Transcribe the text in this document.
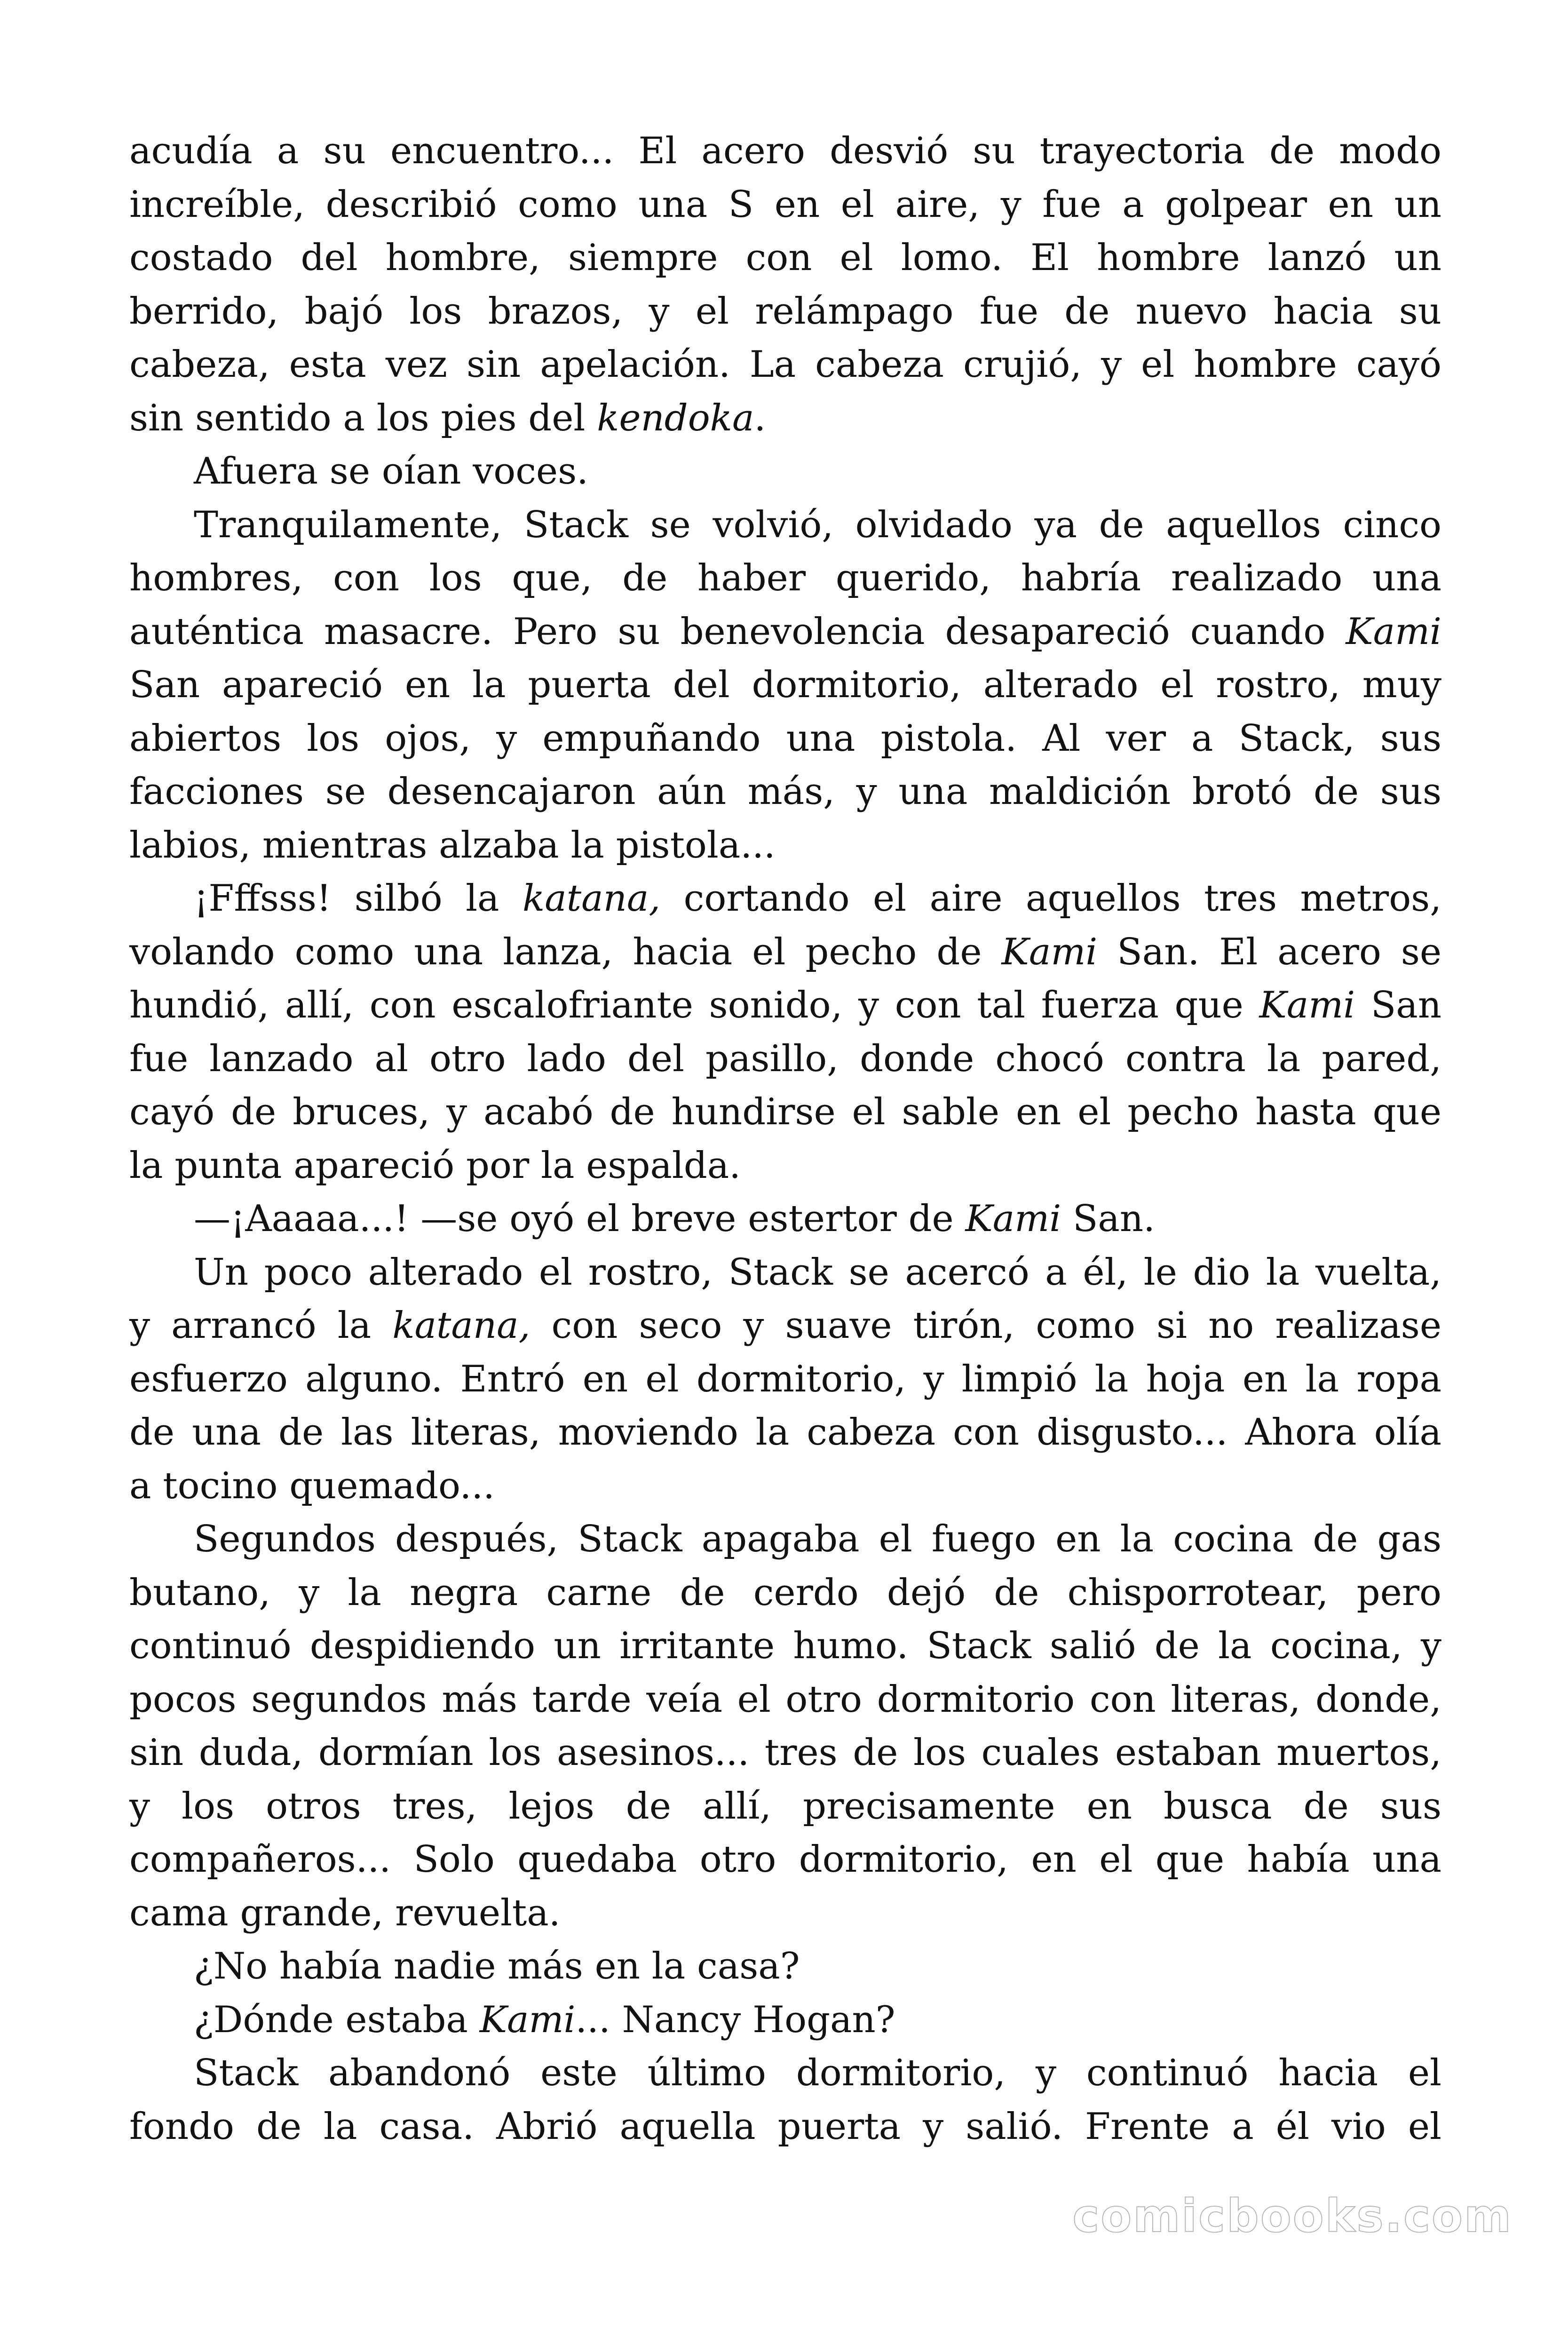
acudía a su encuentro... El acero desvió su trayectoria de modo
increíble, describió como una S en el aire, y fue a golpear en un
costado del hombre, siempre con el lomo. El hombre lanzó un
berrido, bajó los brazos, y el relámpago fue de nuevo hacia su
cabeza, esta vez sin apelación. La cabeza crujió, y el hombre cayó
sin sentido a los pies del kendoka.
Afuera se oían voces.
Tranquilamente, Stack se volvió, olvidado ya de aquellos cinco
hombres, con los que, de haber querido, habría realizado una
auténtica masacre. Pero su benevolencia desapareció cuando Kami
San apareció en la puerta del dormitorio, alterado el rostro, muy
abiertos los ojos, y empuñando una pistola. Al ver a Stack, sus
facciones se desencajaron aún más, y una maldición brotó de sus
labios, mientras alzaba la pistola...
¡Fffsss! silbó la katana, cortando el aire aquellos tres metros,
volando como una lanza, hacia el pecho de Kami San. El acero se
hundió, allí, con escalofriante sonido, y con tal fuerza que Kami San
fue lanzado al otro lado del pasillo, donde chocó contra la pared,
cayó de bruces, y acabó de hundirse el sable en el pecho hasta que
la punta apareció por la espalda.
—¡Aaaaa...! —se oyó el breve estertor de Kami San.
Un poco alterado el rostro, Stack se acercó a él, le dio la vuelta,
y arrancó la katana, con seco y suave tirón, como si no realizase
esfuerzo alguno. Entró en el dormitorio, y limpió la hoja en la ropa
de una de las literas, moviendo la cabeza con disgusto... Ahora olía
a tocino quemado...
Segundos después, Stack apagaba el fuego en la cocina de gas
butano, y la negra carne de cerdo dejó de chisporrotear, pero
continuó despidiendo un irritante humo. Stack salió de la cocina, y
pocos segundos más tarde veía el otro dormitorio con literas, donde,
sin duda, dormían los asesinos... tres de los cuales estaban muertos,
y los otros tres, lejos de allí, precisamente en busca de sus
compañeros... Solo quedaba otro dormitorio, en el que había una
cama grande, revuelta.
¿No había nadie más en la casa?
¿Dónde estaba Kami... Nancy Hogan?
Stack abandonó este último dormitorio, y continuó hacia el
fondo de la casa. Abrió aquella puerta y salió. Frente a él vio el
comicbooks.com
